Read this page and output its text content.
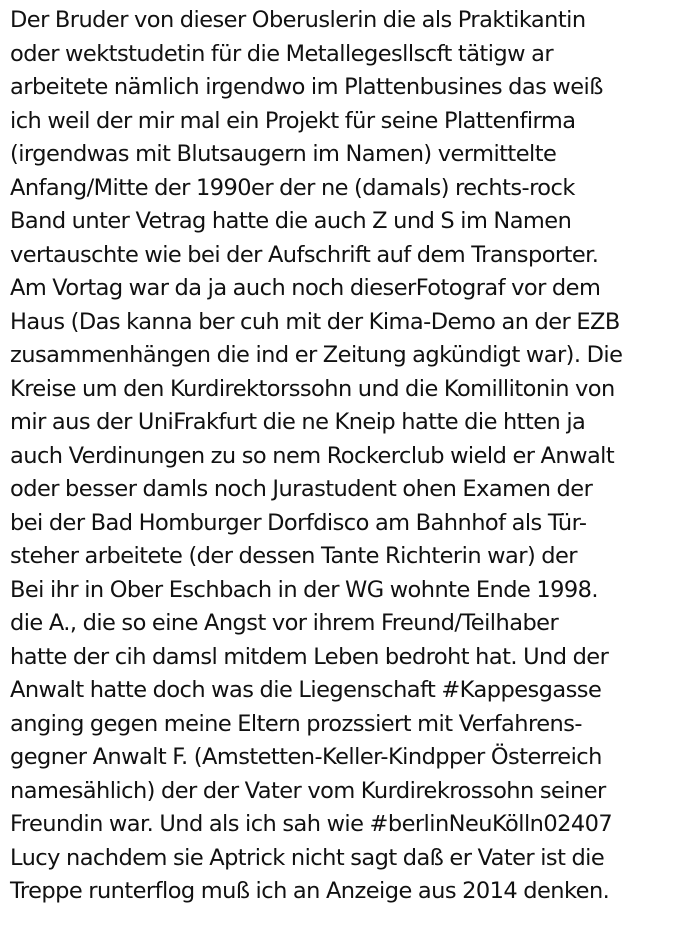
Der Bruder von dieser Oberuslerin die als Praktikantin
oder wektstudetin für die Metallegesllscft tätigw ar
arbeitete nämlich irgendwo im Plattenbusines das weiß
ich weil der mir mal ein Projekt für seine Plattenfirma
(irgendwas mit Blutsaugern im Namen) vermittelte
Anfang/Mitte der 1990er der ne (damals) rechts-rock
Band unter Vetrag hatte die auch Z und S im Namen
vertauschte wie bei der Aufschrift auf dem Transporter.
Am Vortag war da ja auch noch dieserFotograf vor dem
Haus (Das kanna ber cuh mit der Kima-Demo an der EZB
zusammenhängen die ind er Zeitung agkündigt war). Die
Kreise um den Kurdirektorssohn und die Komillitonin von
mir aus der UniFrakfurt die ne Kneip hatte die htten ja
auch Verdinungen zu so nem Rockerclub wield er Anwalt
oder besser damls noch Jurastudent ohen Examen der
bei der Bad Homburger Dorfdisco am Bahnhof als Tür-
steher arbeitete (der dessen Tante Richterin war) der
Bei ihr in Ober Eschbach in der WG wohnte Ende 1998.
die A., die so eine Angst vor ihrem Freund/Teilhaber
hatte der cih damsl mitdem Leben bedroht hat. Und der
Anwalt hatte doch was die Liegenschaft #Kappesgasse
anging gegen meine Eltern prozssiert mit Verfahrens-
gegner Anwalt F. (Amstetten-Keller-Kindpper Österreich
namesählich) der der Vater vom Kurdirekrossohn seiner
Freundin war. Und als ich sah wie #berlinNeuKölln02407
Lucy nachdem sie Aptrick nicht sagt daß er Vater ist die
Treppe runterflog muß ich an Anzeige aus 2014 denken.
